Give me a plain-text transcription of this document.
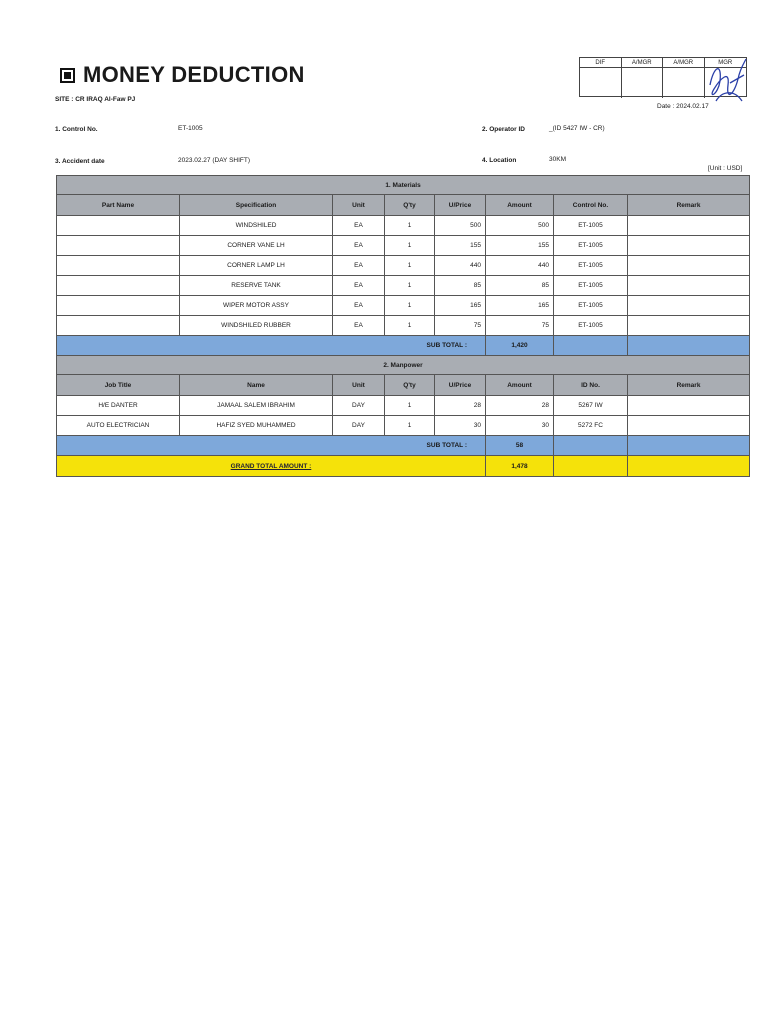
MONEY DEDUCTION
SITE : CR IRAQ Al-Faw PJ
DIF	A/MGR	A/MGR	MGR
Date : 2024.02.17
1. Control No.	ET-1005	2. Operator ID	_(ID 5427 IW - CR)
3. Accident date	2023.02.27 (DAY SHIFT)	4. Location	30KM
[Unit : USD]
1. Materials							
Part Name	Specification	Unit	Q'ty	U/Price	Amount	Control No.	Remark
	WINDSHILED	EA	1	500	500	ET-1005	
	CORNER VANE LH	EA	1	155	155	ET-1005	
	CORNER LAMP LH	EA	1	440	440	ET-1005	
	RESERVE TANK	EA	1	85	85	ET-1005	
	WIPER MOTOR ASSY	EA	1	165	165	ET-1005	
	WINDSHILED RUBBER	EA	1	75	75	ET-1005	
SUB TOTAL :					1,420		
2. Manpower							
Job Title	Name	Unit	Q'ty	U/Price	Amount	ID No.	Remark
H/E DANTER	JAMAAL SALEM IBRAHIM	DAY	1	28	28	5267 IW	
AUTO ELECTRICIAN	HAFIZ SYED MUHAMMED	DAY	1	30	30	5272 FC	
SUB TOTAL :					58		
GRAND TOTAL AMOUNT :					1,478		
